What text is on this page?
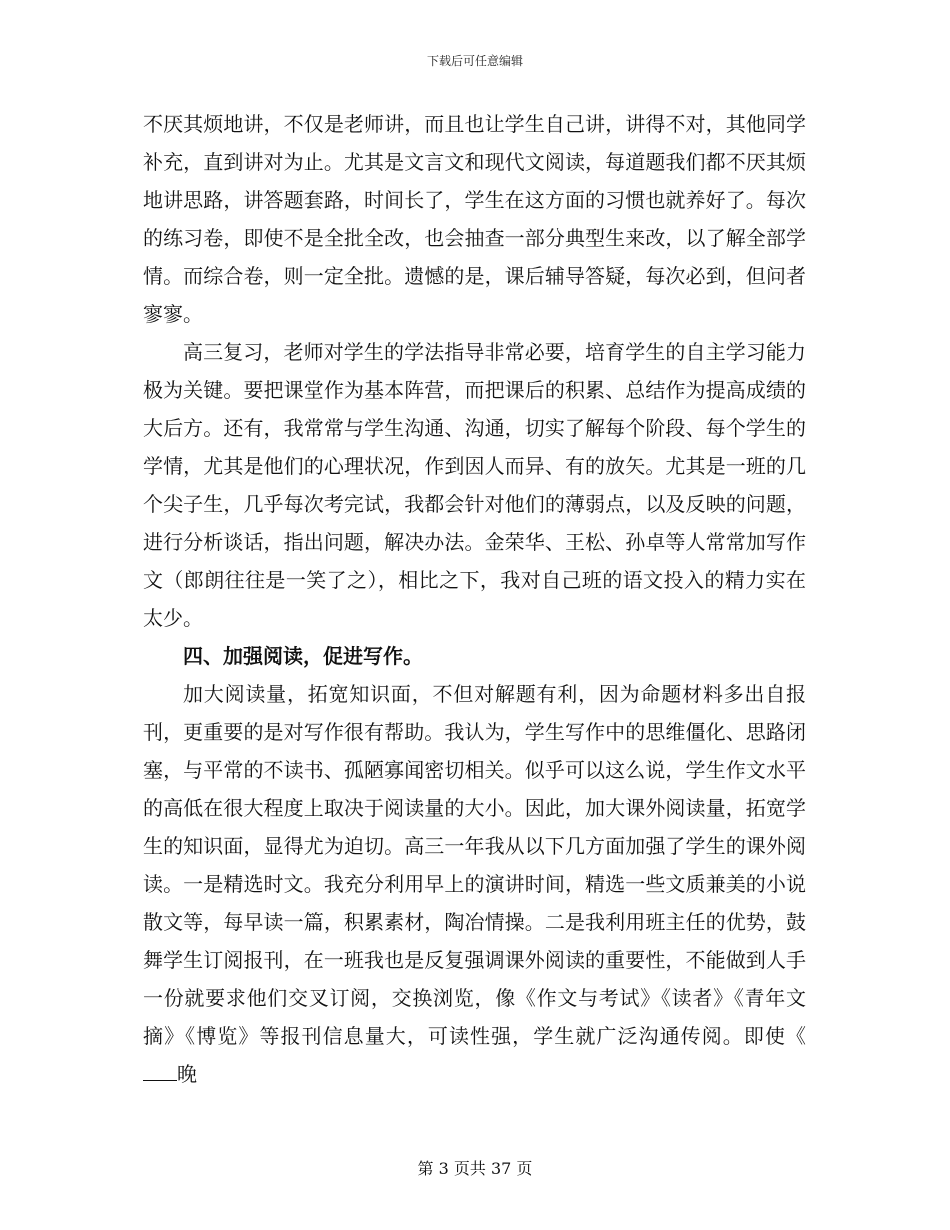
下载后可任意编辑

不厌其烦地讲，不仅是老师讲，而且也让学生自己讲，讲得不对，其他同学补充，直到讲对为止。尤其是文言文和现代文阅读，每道题我们都不厌其烦地讲思路，讲答题套路，时间长了，学生在这方面的习惯也就养好了。每次的练习卷，即使不是全批全改，也会抽查一部分典型生来改，以了解全部学情。而综合卷，则一定全批。遗憾的是，课后辅导答疑，每次必到，但问者寥寥。

高三复习，老师对学生的学法指导非常必要，培育学生的自主学习能力极为关键。要把课堂作为基本阵营，而把课后的积累、总结作为提高成绩的大后方。还有，我常常与学生沟通、沟通，切实了解每个阶段、每个学生的学情，尤其是他们的心理状况，作到因人而异、有的放矢。尤其是一班的几个尖子生，几乎每次考完试，我都会针对他们的薄弱点，以及反映的问题，进行分析谈话，指出问题，解决办法。金荣华、王松、孙卓等人常常加写作文（郎朗往往是一笑了之），相比之下，我对自己班的语文投入的精力实在太少。

四、加强阅读，促进写作。

加大阅读量，拓宽知识面，不但对解题有利，因为命题材料多出自报刊，更重要的是对写作很有帮助。我认为，学生写作中的思维僵化、思路闭塞，与平常的不读书、孤陋寡闻密切相关。似乎可以这么说，学生作文水平的高低在很大程度上取决于阅读量的大小。因此，加大课外阅读量，拓宽学生的知识面，显得尤为迫切。高三一年我从以下几方面加强了学生的课外阅读。一是精选时文。我充分利用早上的演讲时间，精选一些文质兼美的小说散文等，每早读一篇，积累素材，陶冶情操。二是我利用班主任的优势，鼓舞学生订阅报刊，在一班我也是反复强调课外阅读的重要性，不能做到人手一份就要求他们交叉订阅，交换浏览，像《作文与考试》《读者》《青年文摘》《博览》等报刊信息量大，可读性强，学生就广泛沟通传阅。即使《晚

第 3 页共 37 页
